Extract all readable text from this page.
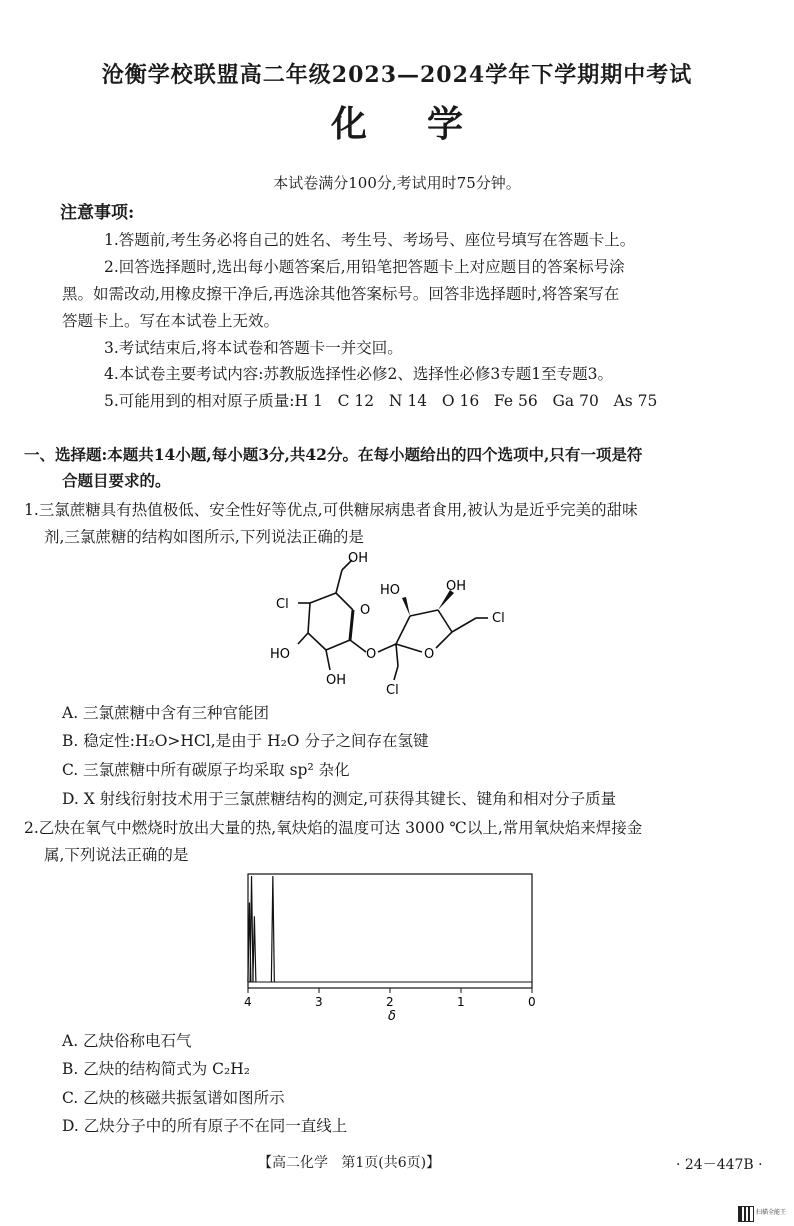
沧衡学校联盟高二年级2023—2024学年下学期期中考试
化学
本试卷满分100分,考试用时75分钟。
注意事项:
1.答题前,考生务必将自己的姓名、考生号、考场号、座位号填写在答题卡上。
2.回答选择题时,选出每小题答案后,用铅笔把答题卡上对应题目的答案标号涂
黑。如需改动,用橡皮擦干净后,再选涂其他答案标号。回答非选择题时,将答案写在
答题卡上。写在本试卷上无效。
3.考试结束后,将本试卷和答题卡一并交回。
4.本试卷主要考试内容:苏教版选择性必修2、选择性必修3专题1至专题3。
5.可能用到的相对原子质量:H 1   C 12   N 14   O 16   Fe 56   Ga 70   As 75
一、选择题:本题共14小题,每小题3分,共42分。在每小题给出的四个选项中,只有一项是符
合题目要求的。
1.三氯蔗糖具有热值极低、安全性好等优点,可供糖尿病患者食用,被认为是近乎完美的甜味
剂,三氯蔗糖的结构如图所示,下列说法正确的是
OH
Cl
HO
OH
O
O
HO	OH
Cl
O
Cl
A. 三氯蔗糖中含有三种官能团
B. 稳定性:H₂O>HCl,是由于 H₂O 分子之间存在氢键
C. 三氯蔗糖中所有碳原子均采取 sp² 杂化
D. X 射线衍射技术用于三氯蔗糖结构的测定,可获得其键长、键角和相对分子质量
2.乙炔在氧气中燃烧时放出大量的热,氧炔焰的温度可达 3000 ℃以上,常用氧炔焰来焊接金
属,下列说法正确的是
4	3	2	1	0
δ
A. 乙炔俗称电石气
B. 乙炔的结构简式为 C₂H₂
C. 乙炔的核磁共振氢谱如图所示
D. 乙炔分子中的所有原子不在同一直线上
【高二化学   第1页(共6页)】	· 24－447B ·
扫描全能王
